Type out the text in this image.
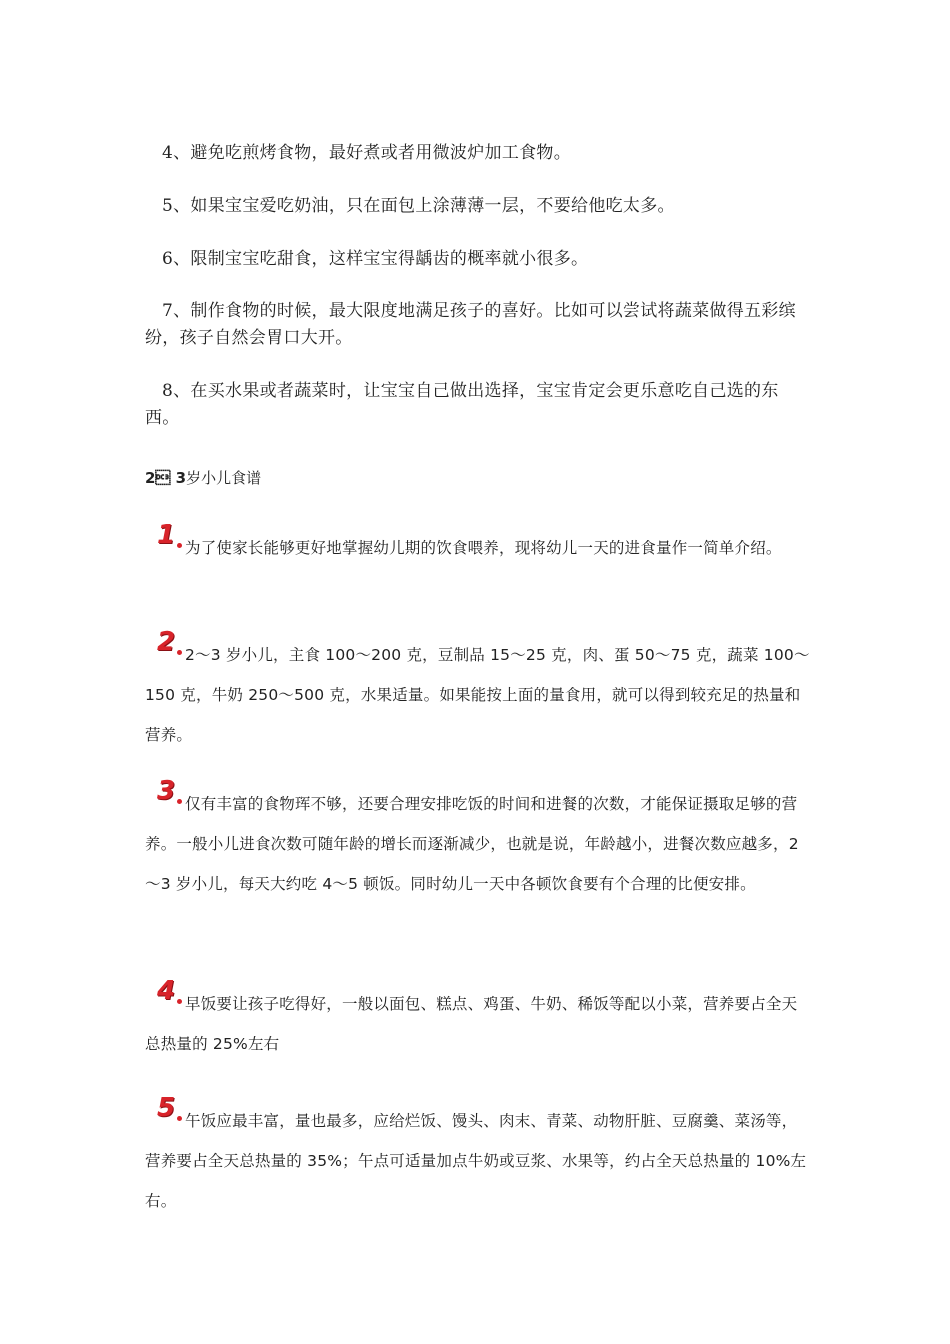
4、避免吃煎烤食物，最好煮或者用微波炉加工食物。

5、如果宝宝爱吃奶油，只在面包上涂薄薄一层，不要给他吃太多。

6、限制宝宝吃甜食，这样宝宝得龋齿的概率就小很多。

7、制作食物的时候，最大限度地满足孩子的喜好。比如可以尝试将蔬菜做得五彩缤纷，孩子自然会胃口大开。

8、在买水果或者蔬菜时，让宝宝自己做出选择，宝宝肯定会更乐意吃自己选的东西。

2 3岁小儿食谱

1 为了使家长能够更好地掌握幼儿期的饮食喂养，现将幼儿一天的进食量作一简单介绍。

2 2～3 岁小儿，主食 100～200 克，豆制品 15～25 克，肉、蛋 50～75 克，蔬菜 100～150 克，牛奶 250～500 克，水果适量。如果能按上面的量食用，就可以得到较充足的热量和营养。

3 仅有丰富的食物珲不够，还要合理安排吃饭的时间和进餐的次数，才能保证摄取足够的营养。一般小儿进食次数可随年龄的增长而逐渐减少，也就是说，年龄越小，进餐次数应越多，2～3 岁小儿，每天大约吃 4～5 顿饭。同时幼儿一天中各顿饮食要有个合理的比便安排。

4 早饭要让孩子吃得好，一般以面包、糕点、鸡蛋、牛奶、稀饭等配以小菜，营养要占全天总热量的 25%左右

5 午饭应最丰富，量也最多，应给烂饭、馒头、肉末、青菜、动物肝脏、豆腐羹、菜汤等，营养要占全天总热量的 35%；午点可适量加点牛奶或豆浆、水果等，约占全天总热量的 10%左右。
